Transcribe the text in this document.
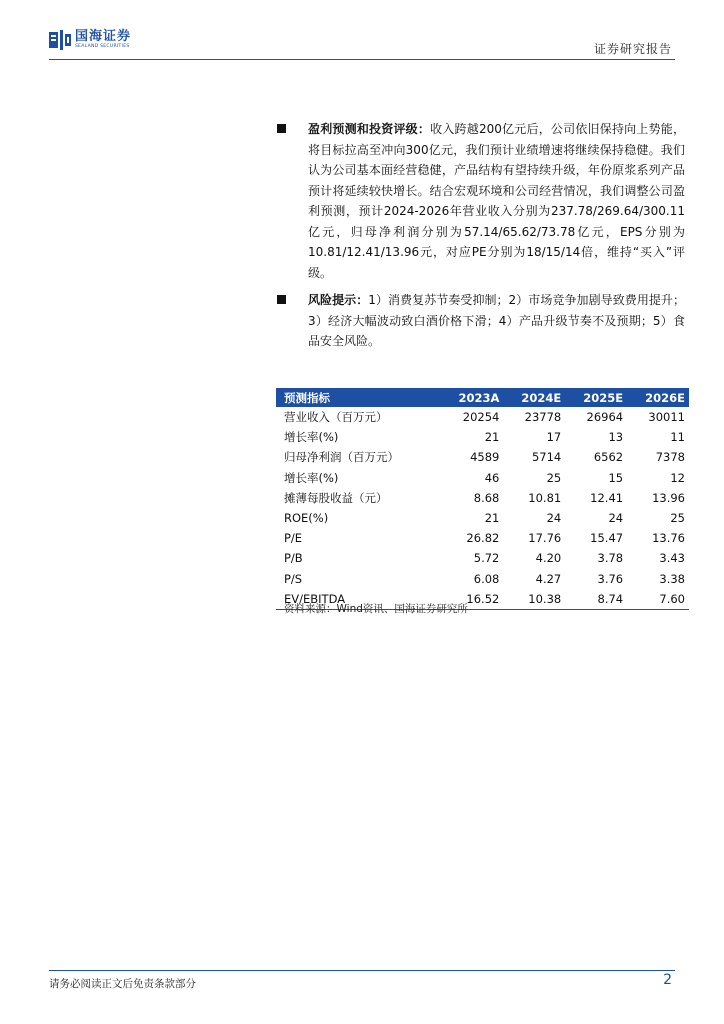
国海证券
SEALAND SECURITIES	证券研究报告
盈利预测和投资评级：收入跨越200亿元后，公司依旧保持向上势能，将目标拉高至冲向300亿元，我们预计业绩增速将继续保持稳健。我们认为公司基本面经营稳健，产品结构有望持续升级，年份原浆系列产品预计将延续较快增长。结合宏观环境和公司经营情况，我们调整公司盈利预测，预计2024-2026年营业收入分别为237.78/269.64/300.11亿元，归母净利润分别为57.14/65.62/73.78亿元，EPS分别为10.81/12.41/13.96元，对应PE分别为18/15/14倍，维持“买入”评级。
风险提示：1）消费复苏节奏受抑制；2）市场竞争加剧导致费用提升；3）经济大幅波动致白酒价格下滑；4）产品升级节奏不及预期；5）食品安全风险。
预测指标	2023A	2024E	2025E	2026E
营业收入（百万元）	20254	23778	26964	30011
增长率(%)	21	17	13	11
归母净利润（百万元）	4589	5714	6562	7378
增长率(%)	46	25	15	12
摊薄每股收益（元）	8.68	10.81	12.41	13.96
ROE(%)	21	24	24	25
P/E	26.82	17.76	15.47	13.76
P/B	5.72	4.20	3.78	3.43
P/S	6.08	4.27	3.76	3.38
EV/EBITDA	16.52	10.38	8.74	7.60
资料来源：Wind资讯、国海证券研究所
请务必阅读正文后免责条款部分	2
